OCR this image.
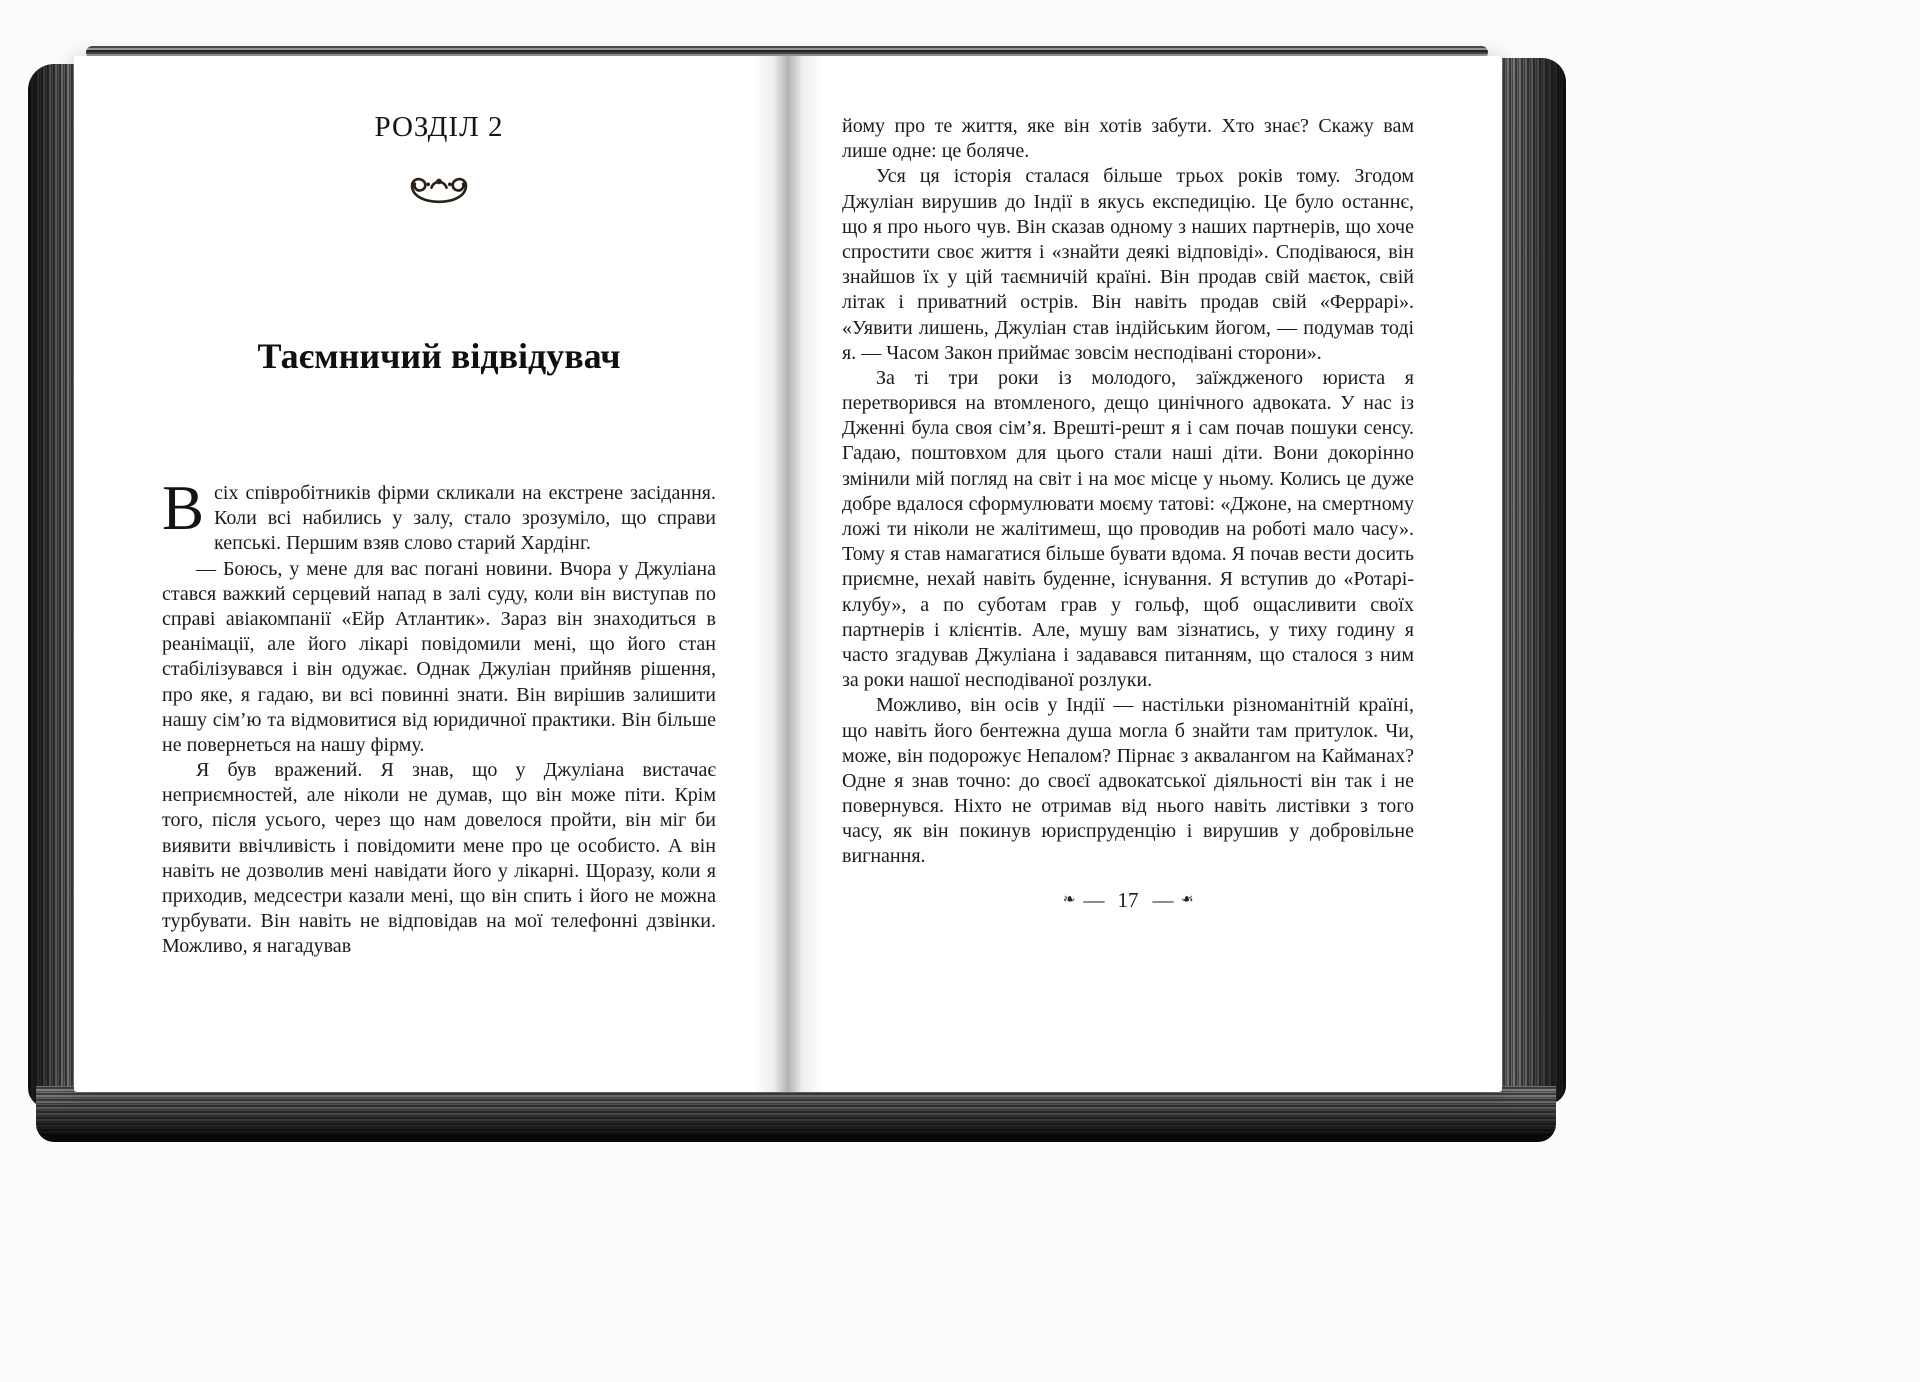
РОЗДІЛ 2
Таємничий відвідувач

Всіх співробітників фірми скликали на екстрене засідання. Коли всі набились у залу, стало зрозуміло, що справи кепські. Першим взяв слово старий Хардінг.

— Боюсь, у мене для вас погані новини. Вчора у Джуліана стався важкий серцевий напад в залі суду, коли він виступав по справі авіакомпанії «Ейр Атлантик». Зараз він знаходиться в реанімації, але його лікарі повідомили мені, що його стан стабілізувався і він одужає. Однак Джуліан прийняв рішення, про яке, я гадаю, ви всі повинні знати. Він вирішив залишити нашу сім’ю та відмовитися від юридичної практики. Він більше не повернеться на нашу фірму.

Я був вражений. Я знав, що у Джуліана вистачає неприємностей, але ніколи не думав, що він може піти. Крім того, після усього, через що нам довелося пройти, він міг би виявити ввічливість і повідомити мене про це особисто. А він навіть не дозволив мені навідати його у лікарні. Щоразу, коли я приходив, медсестри казали мені, що він спить і його не можна турбувати. Він навіть не відповідав на мої телефонні дзвінки. Можливо, я нагадував

йому про те життя, яке він хотів забути. Хто знає? Скажу вам лише одне: це боляче.

Уся ця історія сталася більше трьох років тому. Згодом Джуліан вирушив до Індії в якусь експедицію. Це було останнє, що я про нього чув. Він сказав одному з наших партнерів, що хоче спростити своє життя і «знайти деякі відповіді». Сподіваюся, він знайшов їх у цій таємничій країні. Він продав свій маєток, свій літак і приватний острів. Він навіть продав свій «Феррарі». «Уявити лишень, Джуліан став індійським йогом, — подумав тоді я. — Часом Закон приймає зовсім несподівані сторони».

За ті три роки із молодого, заїждженого юриста я перетворився на втомленого, дещо цинічного адвоката. У нас із Дженні була своя сім’я. Врешті-решт я і сам почав пошуки сенсу. Гадаю, поштовхом для цього стали наші діти. Вони докорінно змінили мій погляд на світ і на моє місце у ньому. Колись це дуже добре вдалося сформулювати моєму татові: «Джоне, на смертному ложі ти ніколи не жалітимеш, що проводив на роботі мало часу». Тому я став намагатися більше бувати вдома. Я почав вести досить приємне, нехай навіть буденне, існування. Я вступив до «Ротарі-клубу», а по суботам грав у гольф, щоб ощасливити своїх партнерів і клієнтів. Але, мушу вам зізнатись, у тиху годину я часто згадував Джуліана і задавався питанням, що сталося з ним за роки нашої несподіваної розлуки.

Можливо, він осів у Індії — настільки різноманітній країні, що навіть його бентежна душа могла б знайти там притулок. Чи, може, він подорожує Непалом? Пірнає з аквалангом на Кайманах? Одне я знав точно: до своєї адвокатської діяльності він так і не повернувся. Ніхто не отримав від нього навіть листівки з того часу, як він покинув юриспруденцію і вирушив у добровільне вигнання.

❧ — 17 — ❧
